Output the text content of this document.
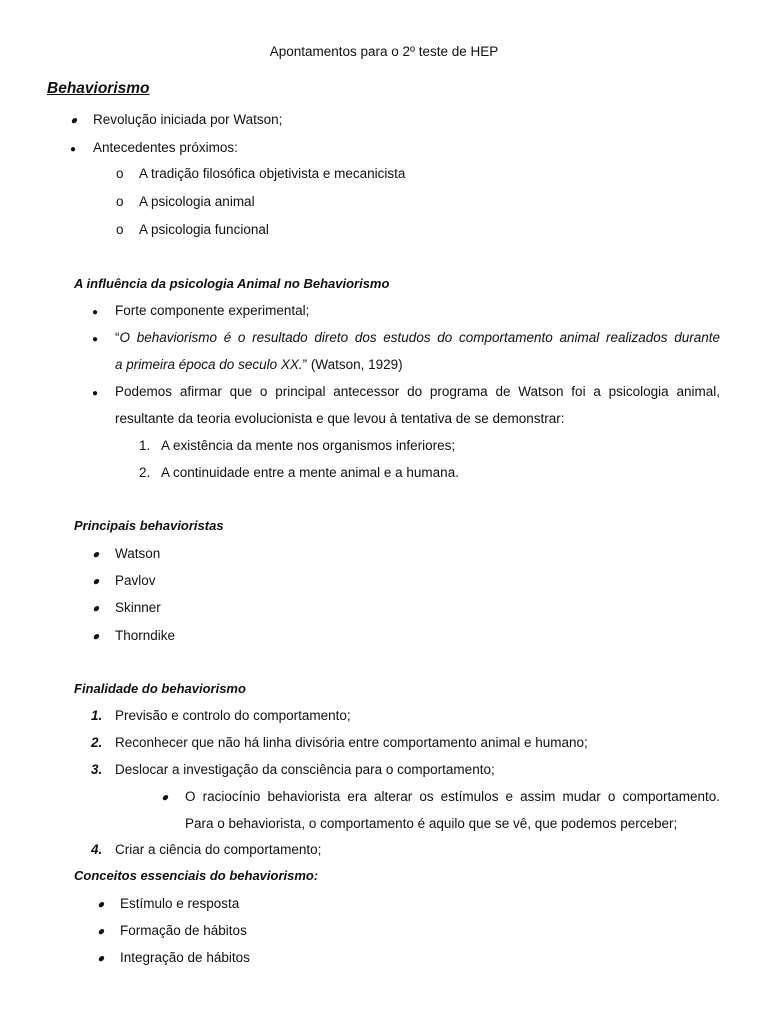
Apontamentos para o 2º teste de HEP
Behaviorismo
● Revolução iniciada por Watson;
● Antecedentes próximos:
o A tradição filosófica objetivista e mecanicista
o A psicologia animal
o A psicologia funcional
A influência da psicologia Animal no Behaviorismo
● Forte componente experimental;
● “O behaviorismo é o resultado direto dos estudos do comportamento animal realizados durante
a primeira época do seculo XX.” (Watson, 1929)
● Podemos afirmar que o principal antecessor do programa de Watson foi a psicologia animal,
resultante da teoria evolucionista e que levou à tentativa de se demonstrar:
1. A existência da mente nos organismos inferiores;
2. A continuidade entre a mente animal e a humana.
Principais behavioristas
● Watson
● Pavlov
● Skinner
● Thorndike
Finalidade do behaviorismo
1. Previsão e controlo do comportamento;
2. Reconhecer que não há linha divisória entre comportamento animal e humano;
3. Deslocar a investigação da consciência para o comportamento;
● O raciocínio behaviorista era alterar os estímulos e assim mudar o comportamento.
Para o behaviorista, o comportamento é aquilo que se vê, que podemos perceber;
4. Criar a ciência do comportamento;
Conceitos essenciais do behaviorismo:
● Estímulo e resposta
● Formação de hábitos
● Integração de hábitos
